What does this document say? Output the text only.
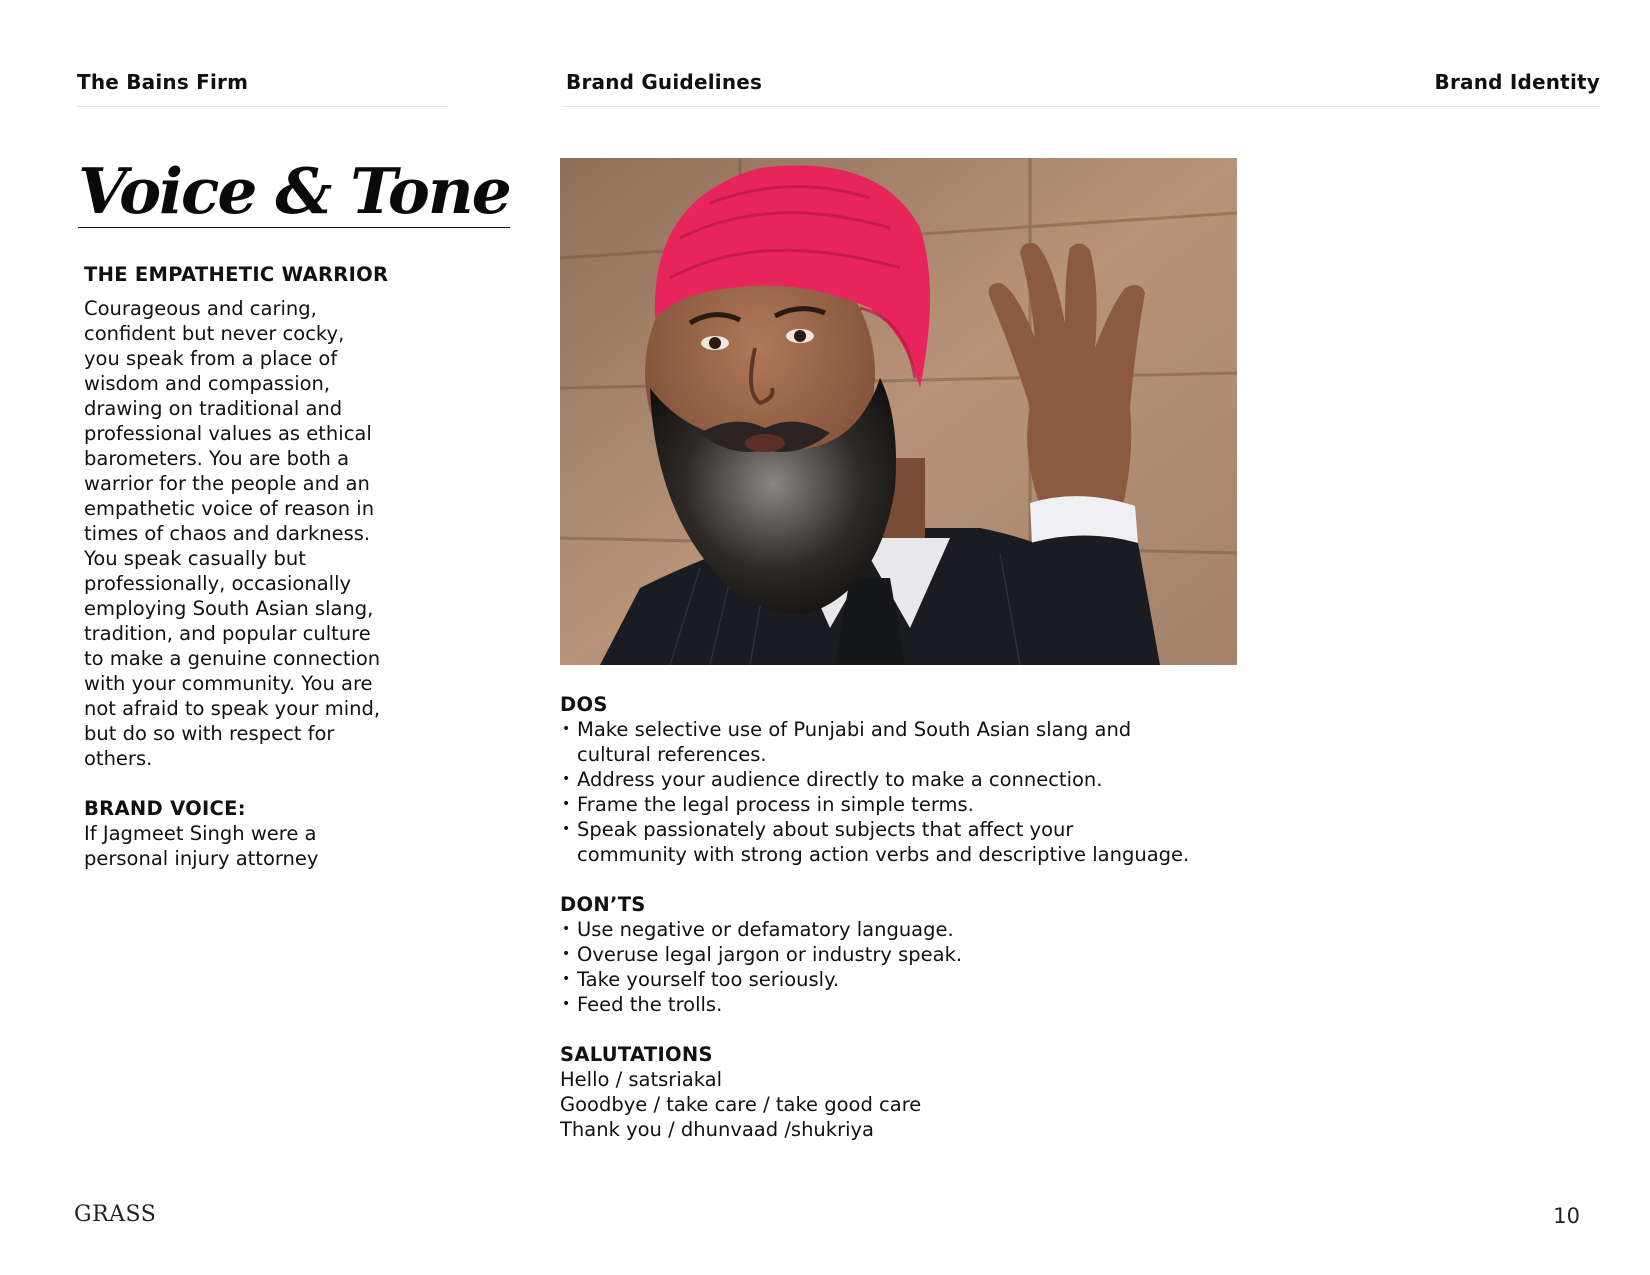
The Bains Firm	Brand Guidelines	Brand Identity
Voice & Tone
THE EMPATHETIC WARRIOR
Courageous and caring,
confident but never cocky,
you speak from a place of
wisdom and compassion,
drawing on traditional and
professional values as ethical
barometers. You are both a
warrior for the people and an
empathetic voice of reason in
times of chaos and darkness.
You speak casually but
professionally, occasionally
employing South Asian slang,
tradition, and popular culture
to make a genuine connection
with your community. You are
not afraid to speak your mind,
but do so with respect for
others.
BRAND VOICE:
If Jagmeet Singh were a
personal injury attorney
DOS
• Make selective use of Punjabi and South Asian slang and
cultural references.
• Address your audience directly to make a connection.
• Frame the legal process in simple terms.
• Speak passionately about subjects that affect your
community with strong action verbs and descriptive language.
DON’TS
• Use negative or defamatory language.
• Overuse legal jargon or industry speak.
• Take yourself too seriously.
• Feed the trolls.
SALUTATIONS
Hello / satsriakal
Goodbye / take care / take good care
Thank you / dhunvaad /shukriya
GRASS	10
